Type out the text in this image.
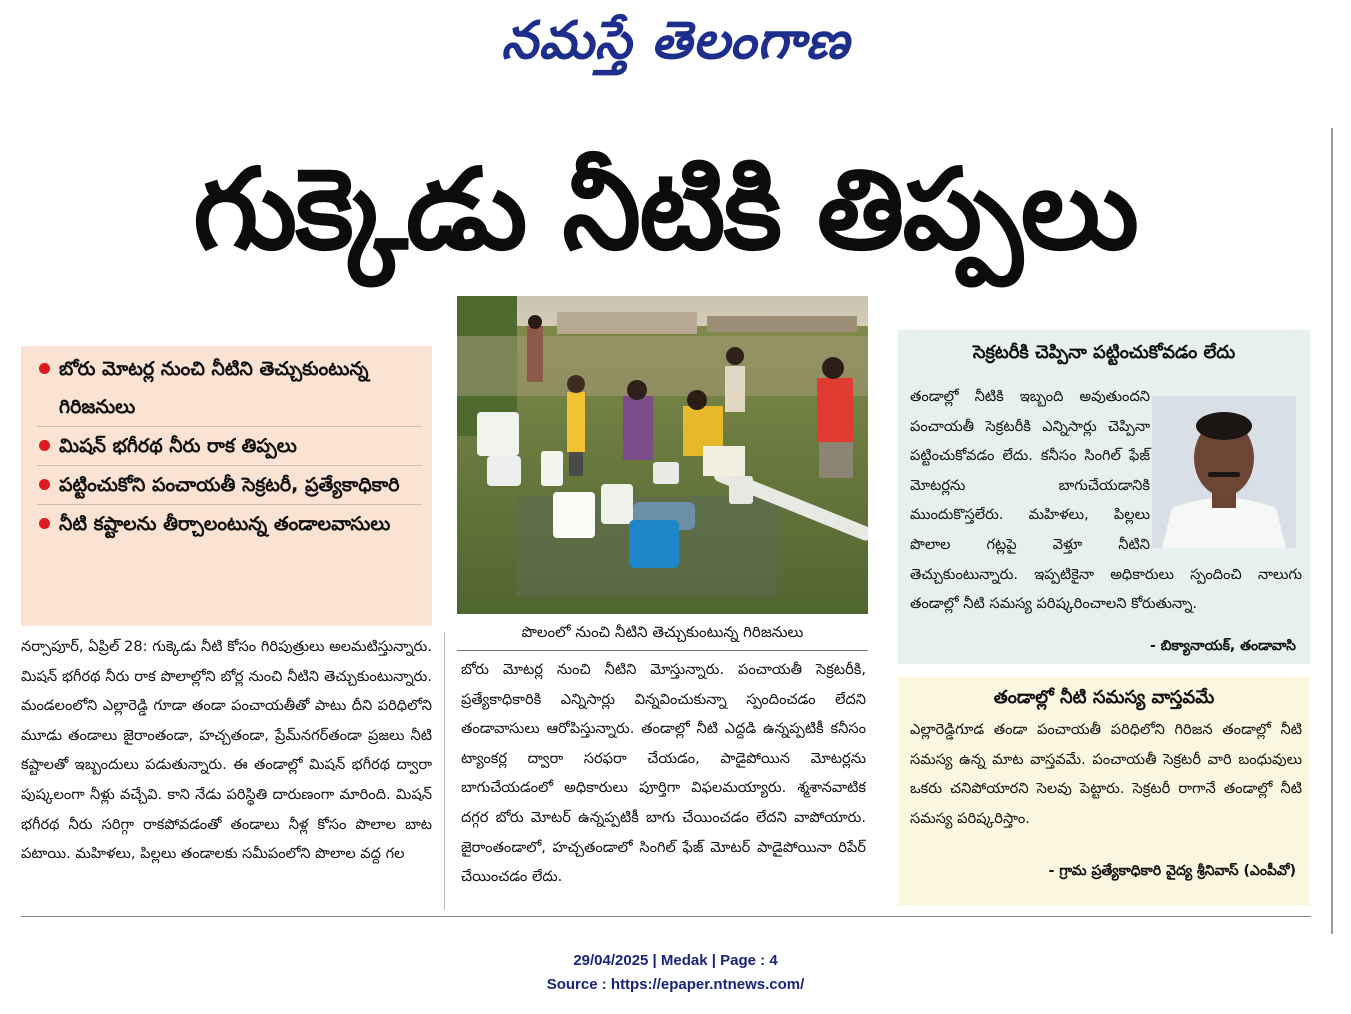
నమస్తే తెలంగాణ
గుక్కెడు నీటికి తిప్పలు
బోరు మోటర్ల నుంచి నీటిని తెచ్చుకుంటున్న గిరిజనులు
మిషన్ భగీరథ నీరు రాక తిప్పలు
పట్టించుకోని పంచాయతీ సెక్రటరీ, ప్రత్యేకాధికారి
నీటి కష్టాలను తీర్చాలంటున్న తండాలవాసులు
పొలంలో నుంచి నీటిని తెచ్చుకుంటున్న గిరిజనులు
నర్సాపూర్, ఏప్రిల్ 28: గుక్కెడు నీటి కోసం గిరిపుత్రులు అలమటిస్తున్నారు. మిషన్ భగీరథ నీరు రాక పొలాల్లోని బోర్ల నుంచి నీటిని తెచ్చుకుంటున్నారు. మండలంలోని ఎల్లారెడ్డి గూడా తండా పంచాయతీతో పాటు దీని పరిధిలోని మూడు తండాలు జైరాంతండా, హచ్చతండా, ప్రేమ్‌నగర్‌తండా ప్రజలు నీటి కష్టాలతో ఇబ్బందులు పడుతున్నారు. ఈ తండాల్లో మిషన్ భగీరథ ద్వారా పుష్కలంగా నీళ్లు వచ్చేవి. కాని నేడు పరిస్థితి దారుణంగా మారింది. మిషన్ భగీరథ నీరు సరిగ్గా రాకపోవడంతో తండాలు నీళ్ల కోసం పొలాల బాట పటాయి. మహిళలు, పిల్లలు తండాలకు సమీపంలోని పొలాల వద్ద గల
బోరు మోటర్ల నుంచి నీటిని మోస్తున్నారు. పంచాయతీ సెక్రటరీకి, ప్రత్యేకాధికారికి ఎన్నిసార్లు విన్నవించుకున్నా స్పందించడం లేదని తండావాసులు ఆరోపిస్తున్నారు. తండాల్లో నీటి ఎద్దడి ఉన్నప్పటికీ కనీసం ట్యాంకర్ల ద్వారా సరఫరా చేయడం, పాడైపోయిన మోటర్లను బాగుచేయడంలో అధికారులు పూర్తిగా విఫలమయ్యారు. శ్మశానవాటిక దగ్గర బోరు మోటర్ ఉన్నప్పటికీ బాగు చేయించడం లేదని వాపోయారు. జైరాంతండాలో, హచ్చతండాలో సింగిల్ ఫేజ్ మోటర్ పాడైపోయినా రిపేర్ చేయించడం లేదు.
సెక్రటరీకి చెప్పినా పట్టించుకోవడం లేదు
తండాల్లో నీటికి ఇబ్బంది అవుతుందని పంచాయతీ సెక్రటరీకి ఎన్నిసార్లు చెప్పినా పట్టించుకోవడం లేదు. కనీసం సింగిల్ ఫేజ్ మోటర్లను బాగుచేయడానికి ముందుకొస్తలేరు. మహిళలు, పిల్లలు పొలాల గట్లపై వెళ్తూ నీటిని తెచ్చుకుంటున్నారు. ఇప్పటికైనా అధికారులు స్పందించి నాలుగు తండాల్లో నీటి సమస్య పరిష్కరించాలని కోరుతున్నా.
- బిక్యానాయక్, తండావాసి
తండాల్లో నీటి సమస్య వాస్తవమే
ఎల్లారెడ్డిగూడ తండా పంచాయతీ పరిధిలోని గిరిజన తండాల్లో నీటి సమస్య ఉన్న మాట వాస్తవమే. పంచాయతీ సెక్రటరీ వారి బంధువులు ఒకరు చనిపోయారని సెలవు పెట్టారు. సెక్రటరీ రాగానే తండాల్లో నీటి సమస్య పరిష్కరిస్తాం.
- గ్రామ ప్రత్యేకాధికారి వైద్య శ్రీనివాస్ (ఎంపీవో)
29/04/2025 | Medak | Page : 4
Source : https://epaper.ntnews.com/
